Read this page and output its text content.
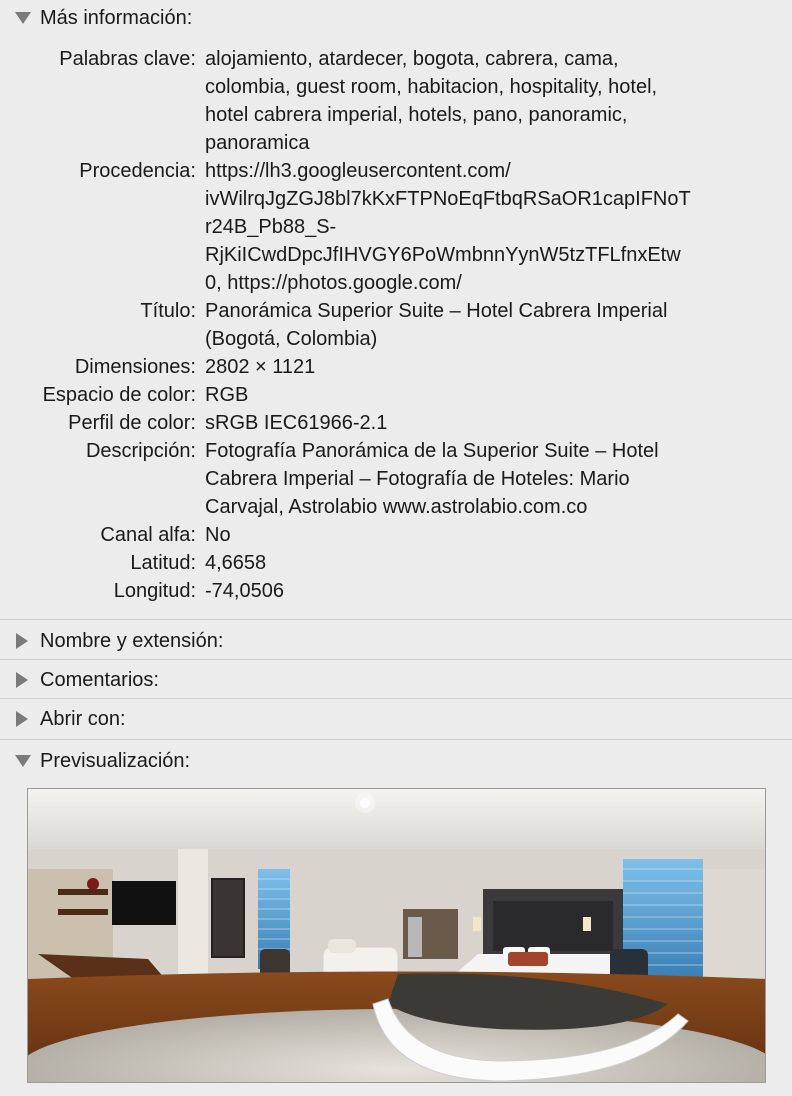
Más información:
Palabras clave: alojamiento, atardecer, bogota, cabrera, cama,
colombia, guest room, habitacion, hospitality, hotel,
hotel cabrera imperial, hotels, pano, panoramic,
panoramica
Procedencia: https://lh3.googleusercontent.com/
ivWilrqJgZGJ8bl7kKxFTPNoEqFtbqRSaOR1capIFNoT
r24B_Pb88_S-
RjKiICwdDpcJfIHVGY6PoWmbnnYynW5tzTFLfnxEtw
0, https://photos.google.com/
Título: Panorámica Superior Suite – Hotel Cabrera Imperial
(Bogotá, Colombia)
Dimensiones: 2802 × 1121
Espacio de color: RGB
Perfil de color: sRGB IEC61966-2.1
Descripción: Fotografía Panorámica de la Superior Suite – Hotel
Cabrera Imperial – Fotografía de Hoteles: Mario
Carvajal, Astrolabio www.astrolabio.com.co
Canal alfa: No
Latitud: 4,6658
Longitud: -74,0506
Nombre y extensión:
Comentarios:
Abrir con:
Previsualización:
